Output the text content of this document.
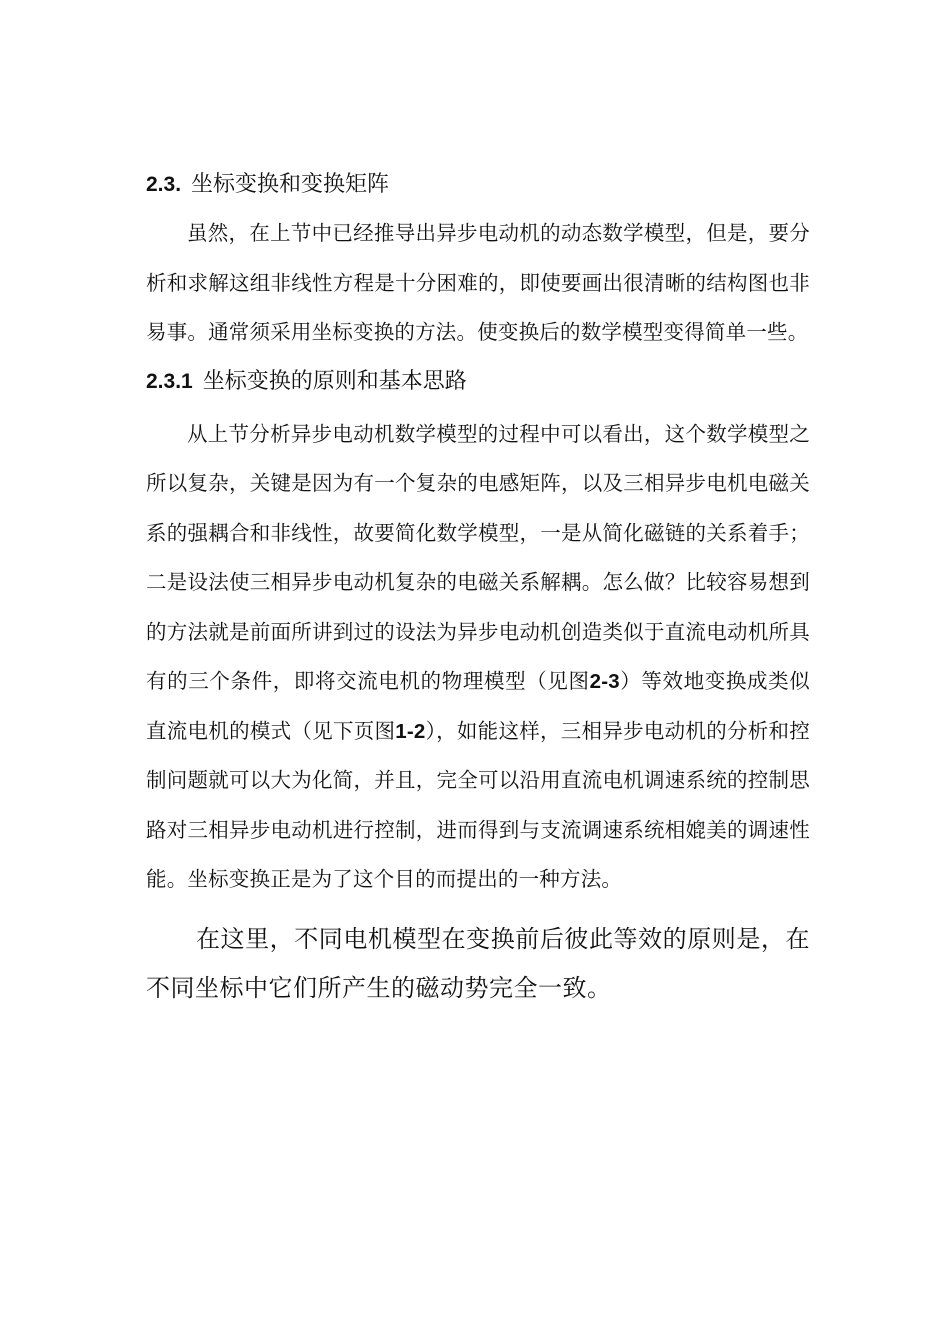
2.3. 坐标变换和变换矩阵

虽然，在上节中已经推导出异步电动机的动态数学模型，但是，要分析和求解这组非线性方程是十分困难的，即使要画出很清晰的结构图也非易事。通常须采用坐标变换的方法。使变换后的数学模型变得简单一些。

2.3.1 坐标变换的原则和基本思路

从上节分析异步电动机数学模型的过程中可以看出，这个数学模型之所以复杂，关键是因为有一个复杂的电感矩阵，以及三相异步电机电磁关系的强耦合和非线性，故要简化数学模型，一是从简化磁链的关系着手；二是设法使三相异步电动机复杂的电磁关系解耦。怎么做？比较容易想到的方法就是前面所讲到过的设法为异步电动机创造类似于直流电动机所具有的三个条件，即将交流电机的物理模型（见图2-3）等效地变换成类似直流电机的模式（见下页图1-2），如能这样，三相异步电动机的分析和控制问题就可以大为化简，并且，完全可以沿用直流电机调速系统的控制思路对三相异步电动机进行控制，进而得到与支流调速系统相媲美的调速性能。坐标变换正是为了这个目的而提出的一种方法。

在这里，不同电机模型在变换前后彼此等效的原则是，在不同坐标中它们所产生的磁动势完全一致。
